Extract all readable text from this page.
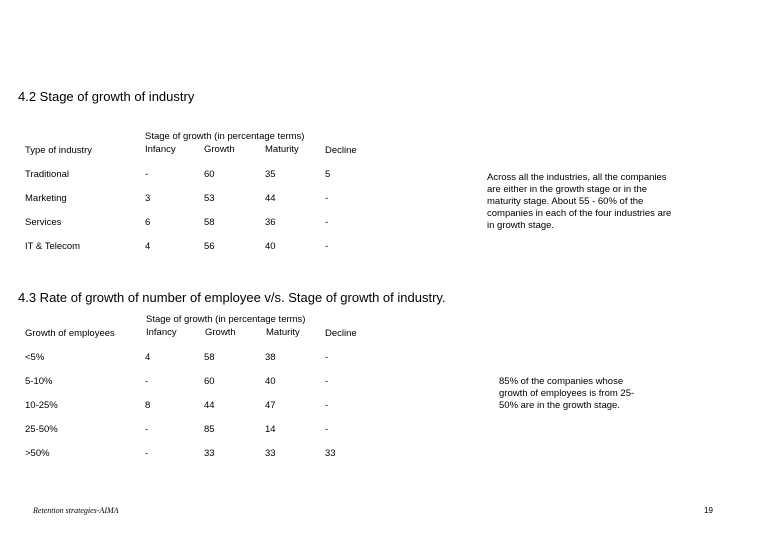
4.2 Stage of growth of industry
Stage of growth (in percentage terms)
Type of industry	Infancy	Growth	Maturity	Decline
Traditional	-	60	35	5
Marketing	3	53	44	-
Services	6	58	36	-
IT & Telecom	4	56	40	-
Across all the industries, all the companies are either in the growth stage or in the maturity stage. About 55 - 60% of the companies in each of the four industries are in growth stage.
4.3 Rate of growth of number of employee v/s. Stage of growth of industry.
Stage of growth (in percentage terms)
Growth of employees	Infancy	Growth	Maturity	Decline
<5%	4	58	38	-
5-10%	-	60	40	-
10-25%	8	44	47	-
25-50%	-	85	14	-
>50%	-	33	33	33
85% of the companies whose growth of employees is from 25-50% are in the growth stage.
Retention strategies-AIMA	19
